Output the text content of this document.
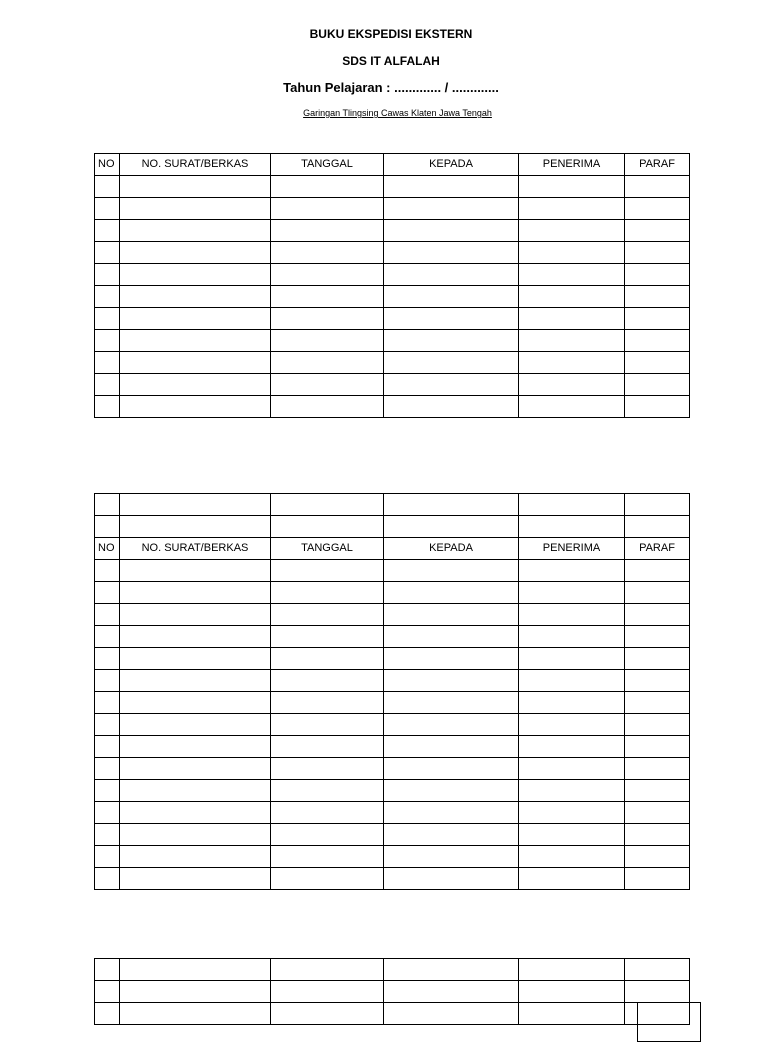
BUKU EKSPEDISI EKSTERN
SDS IT ALFALAH
Tahun Pelajaran : ............. / .............
Garingan Tlingsing Cawas Klaten Jawa Tengah
NO	NO. SURAT/BERKAS	TANGGAL	KEPADA	PENERIMA	PARAF

NO	NO. SURAT/BERKAS	TANGGAL	KEPADA	PENERIMA	PARAF
